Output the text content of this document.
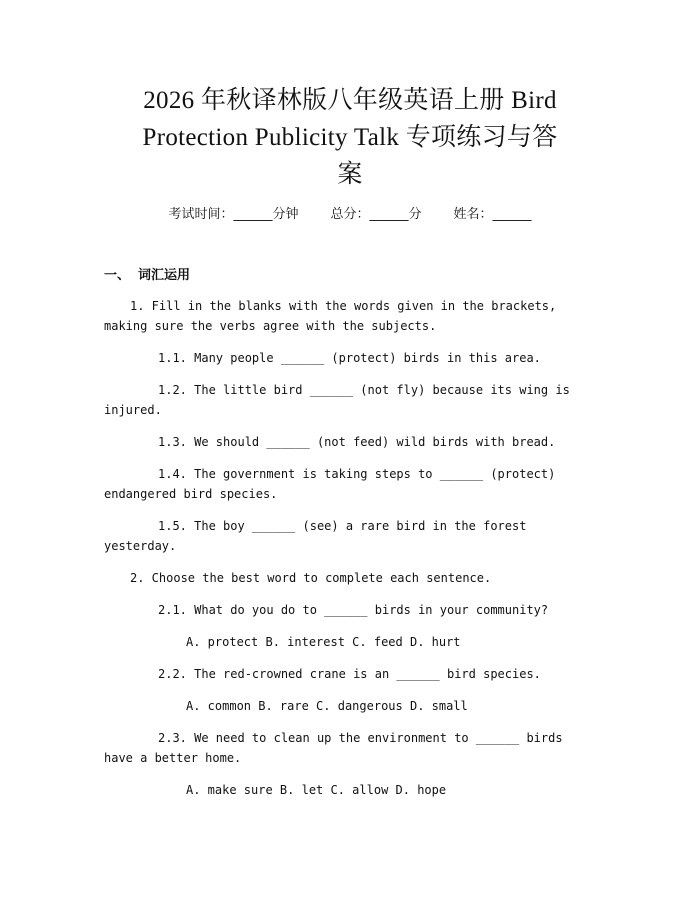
2026 年秋译林版八年级英语上册 Bird
Protection Publicity Talk 专项练习与答
案
考试时间：______分钟 总分：______分 姓名：______
一、 词汇运用

1. Fill in the blanks with the words given in the brackets, making sure the verbs agree with the subjects.

1.1. Many people ______ (protect) birds in this area.

1.2. The little bird ______ (not fly) because its wing is injured.

1.3. We should ______ (not feed) wild birds with bread.

1.4. The government is taking steps to ______ (protect) endangered bird species.

1.5. The boy ______ (see) a rare bird in the forest yesterday.

2. Choose the best word to complete each sentence.

2.1. What do you do to ______ birds in your community?

A. protect B. interest C. feed D. hurt

2.2. The red-crowned crane is an ______ bird species.

A. common B. rare C. dangerous D. small

2.3. We need to clean up the environment to ______ birds have a better home.

A. make sure B. let C. allow D. hope
